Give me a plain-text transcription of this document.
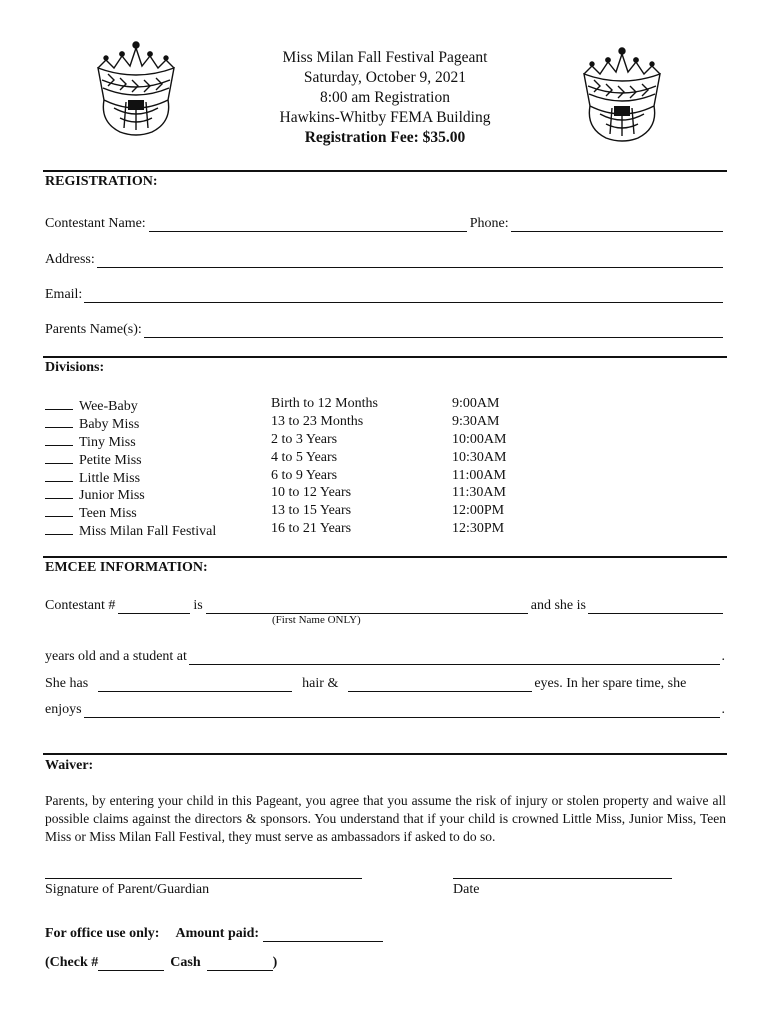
Miss Milan Fall Festival Pageant
Saturday, October 9, 2021
8:00 am Registration
Hawkins-Whitby FEMA Building
Registration Fee: $35.00
REGISTRATION:
Contestant Name:	Phone:
Address:
Email:
Parents Name(s):
Divisions:
Wee-Baby	Birth to 12 Months	9:00AM
Baby Miss	13 to 23 Months	9:30AM
Tiny Miss	2 to 3 Years	10:00AM
Petite Miss	4 to 5 Years	10:30AM
Little Miss	6 to 9 Years	11:00AM
Junior Miss	10 to 12 Years	11:30AM
Teen Miss	13 to 15 Years	12:00PM
Miss Milan Fall Festival	16 to 21 Years	12:30PM
EMCEE INFORMATION:
Contestant #	is	and she is
(First Name ONLY)
years old and a student at	.
She has	hair &	eyes. In her spare time, she
enjoys	.
Waiver:
Parents, by entering your child in this Pageant, you agree that you assume the risk of injury or stolen property and waive all possible claims against the directors & sponsors. You understand that if your child is crowned Little Miss, Junior Miss, Teen Miss or Miss Milan Fall Festival, they must serve as ambassadors if asked to do so.
Signature of Parent/Guardian	Date
For office use only: Amount paid:
(Check #	Cash	)
